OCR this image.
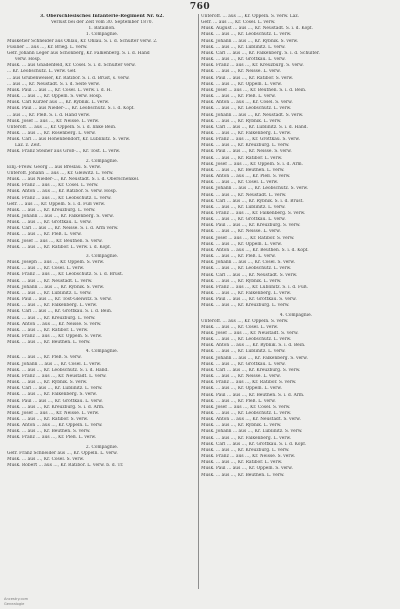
760
3. Oberschlesisches Infanterie-Regiment Nr. 62.
Verlust bei der Zeit vom 30. September 1870.
1. Bataillon.
1. Compagnie.
Musketier Schneider aus Ohlau, Kr. Ohlau. S. i. d. Schulter verw. 2.
Füsilier ... aus ..., Kr. Brieg. L. verw.
Gefr. Johann Leger aus Schönberg, Kr. Falkenberg. S. i. d. Hand
verw. Hosp.
Musk. ... aus Gnadenfeld, Kr. Cosel. S. i. d. Schulter verw.
... Kr. Leobschütz. L. verw. Gef.
... aus Grubenweiser, Kr. Ratibor. S. i. d. Brust, s. verw.
... aus ..., Kr. Neustadt. S. i. d. Seite verw.
Musk. Paul ... aus ..., Kr. Cosel. L. verw. i. d. H.
Musk. ... aus ..., Kr. Oppeln. S. verw. Hosp.
Musk. Carl Kurzer aus ..., Kr. Rybnik. L. verw.
Musk. Paul ... aus Nieder-..., Kr. Leobschütz. S. i. d. Kopf.
... aus ..., Kr. Pleß. S. i. d. Hand verw.
Musk. Josef ... aus ..., Kr. Neisse. L. verw.
Unteroff. ... aus ..., Kr. Oppeln. S. i. d. linke Bein.
Musk. ... aus ..., Kr. Rosenberg. L. verw.
Musk. Carl ... aus Hohenbendorf, Kr. Lublinitz. S. verw.
Laz. z. Zeit.
Musk. Franz Steiner aus Groß-..., Kr. Tost. L. verw.
2. Compagnie.
Einj.-Freiw. Georg ... aus Breslau. S. verw.
Unteroff. Johann ... aus ..., Kr. Gleiwitz. L. verw.
Musk. ... aus Nieder-..., Kr. Neustadt. S. i. d. Oberschenkel.
Musk. Franz ... aus ..., Kr. Cosel. L. verw.
Musk. Anton ... aus ..., Kr. Ratibor. S. verw. Hosp.
Musk. Franz ... aus ..., Kr. Leobschütz. L. verw.
Gefr. ... aus ..., Kr. Oppeln. S. i. d. Fuß verw.
Musk. ... aus ..., Kr. Kreuzburg. L. verw.
Musk. Johann ... aus ..., Kr. Falkenberg. S. verw.
Musk. ... aus ..., Kr. Grottkau. L. verw.
Musk. Carl ... aus ..., Kr. Neisse. S. i. d. Arm verw.
Musk. ... aus ..., Kr. Pleß. L. verw.
Musk. Josef ... aus ..., Kr. Beuthen. S. verw.
Musk. ... aus ..., Kr. Ratibor. L. verw. i. d. Kopf.
3. Compagnie.
Musk. Joseph ... aus ..., Kr. Oppeln. S. verw.
Musk. ... aus ..., Kr. Cosel. L. verw.
Musk. Franz ... aus ..., Kr. Leobschütz. S. i. d. Brust.
Musk. ... aus ..., Kr. Neustadt. L. verw.
Musk. Johann ... aus ..., Kr. Rybnik. S. verw.
Musk. ... aus ..., Kr. Lublinitz. L. verw.
Musk. Paul ... aus ..., Kr. Tost-Gleiwitz. S. verw.
Musk. ... aus ..., Kr. Falkenberg. L. verw.
Musk. Carl ... aus ..., Kr. Grottkau. S. i. d. Bein.
Musk. ... aus ..., Kr. Kreuzburg. L. verw.
Musk. Anton ... aus ..., Kr. Neisse. S. verw.
Musk. ... aus ..., Kr. Ratibor. L. verw.
Musk. Franz ... aus ..., Kr. Oppeln. S. verw.
Musk. ... aus ..., Kr. Beuthen. L. verw.
4. Compagnie.
Musk. ... aus ..., Kr. Pleß. S. verw.
Musk. Johann ... aus ..., Kr. Cosel. L. verw.
Musk. ... aus ..., Kr. Leobschütz. S. i. d. Hand.
Musk. Franz ... aus ..., Kr. Neustadt. L. verw.
Musk. ... aus ..., Kr. Rybnik. S. verw.
Musk. Carl ... aus ..., Kr. Lublinitz. L. verw.
Musk. ... aus ..., Kr. Falkenberg. S. verw.
Musk. Paul ... aus ..., Kr. Grottkau. L. verw.
Musk. ... aus ..., Kr. Kreuzburg. S. i. d. Arm.
Musk. Josef ... aus ..., Kr. Neisse. L. verw.
Musk. ... aus ..., Kr. Ratibor. S. verw.
Musk. Anton ... aus ..., Kr. Oppeln. L. verw.
Musk. ... aus ..., Kr. Beuthen. S. verw.
Musk. Franz ... aus ..., Kr. Pleß. L. verw.
2. Compagnie.
Gefr. Franz Schneider aus ..., Kr. Oppeln. L. verw.
Musk. ... aus ..., Kr. Cosel. S. verw.
Musk. Robert ... aus ..., Kr. Ratibor. L. verw. b. d. Tr.
Unteroff. ... aus ..., Kr. Oppeln. S. verw. Laz.
Gefr. ... aus ..., Kr. Cosel. L. verw.
Musk. August ... aus ..., Kr. Neustadt. S. i. d. Kopf.
Musk. ... aus ..., Kr. Leobschütz. L. verw.
Musk. Johann ... aus ..., Kr. Rybnik. S. verw.
Musk. ... aus ..., Kr. Lublinitz. L. verw.
Musk. Carl ... aus ..., Kr. Falkenberg. S. i. d. Schulter.
Musk. ... aus ..., Kr. Grottkau. L. verw.
Musk. Franz ... aus ..., Kr. Kreuzburg. S. verw.
Musk. ... aus ..., Kr. Neisse. L. verw.
Musk. Paul ... aus ..., Kr. Ratibor. S. verw.
Musk. ... aus ..., Kr. Oppeln. L. verw.
Musk. Josef ... aus ..., Kr. Beuthen. S. i. d. Bein.
Musk. ... aus ..., Kr. Pleß. L. verw.
Musk. Anton ... aus ..., Kr. Cosel. S. verw.
Musk. ... aus ..., Kr. Leobschütz. L. verw.
Musk. Johann ... aus ..., Kr. Neustadt. S. verw.
Musk. ... aus ..., Kr. Rybnik. L. verw.
Musk. Carl ... aus ..., Kr. Lublinitz. S. i. d. Hand.
Musk. ... aus ..., Kr. Falkenberg. L. verw.
Musk. Franz ... aus ..., Kr. Grottkau. S. verw.
Musk. ... aus ..., Kr. Kreuzburg. L. verw.
Musk. Paul ... aus ..., Kr. Neisse. S. verw.
Musk. ... aus ..., Kr. Ratibor. L. verw.
Musk. Josef ... aus ..., Kr. Oppeln. S. i. d. Arm.
Musk. ... aus ..., Kr. Beuthen. L. verw.
Musk. Anton ... aus ..., Kr. Pleß. S. verw.
Musk. ... aus ..., Kr. Cosel. L. verw.
Musk. Johann ... aus ..., Kr. Leobschütz. S. verw.
Musk. ... aus ..., Kr. Neustadt. L. verw.
Musk. Carl ... aus ..., Kr. Rybnik. S. i. d. Brust.
Musk. ... aus ..., Kr. Lublinitz. L. verw.
Musk. Franz ... aus ..., Kr. Falkenberg. S. verw.
Musk. ... aus ..., Kr. Grottkau. L. verw.
Musk. Paul ... aus ..., Kr. Kreuzburg. S. verw.
Musk. ... aus ..., Kr. Neisse. L. verw.
Musk. Josef ... aus ..., Kr. Ratibor. S. verw.
Musk. ... aus ..., Kr. Oppeln. L. verw.
Musk. Anton ... aus ..., Kr. Beuthen. S. i. d. Kopf.
Musk. ... aus ..., Kr. Pleß. L. verw.
Musk. Johann ... aus ..., Kr. Cosel. S. verw.
Musk. ... aus ..., Kr. Leobschütz. L. verw.
Musk. Carl ... aus ..., Kr. Neustadt. S. verw.
Musk. ... aus ..., Kr. Rybnik. L. verw.
Musk. Franz ... aus ..., Kr. Lublinitz. S. i. d. Fuß.
Musk. ... aus ..., Kr. Falkenberg. L. verw.
Musk. Paul ... aus ..., Kr. Grottkau. S. verw.
Musk. ... aus ..., Kr. Kreuzburg. L. verw.
4. Compagnie.
Unteroff. ... aus ..., Kr. Oppeln. S. verw.
Musk. ... aus ..., Kr. Cosel. L. verw.
Musk. Josef ... aus ..., Kr. Neustadt. S. verw.
Musk. ... aus ..., Kr. Leobschütz. L. verw.
Musk. Anton ... aus ..., Kr. Rybnik. S. i. d. Bein.
Musk. ... aus ..., Kr. Lublinitz. L. verw.
Musk. Johann ... aus ..., Kr. Falkenberg. S. verw.
Musk. ... aus ..., Kr. Grottkau. L. verw.
Musk. Carl ... aus ..., Kr. Kreuzburg. S. verw.
Musk. ... aus ..., Kr. Neisse. L. verw.
Musk. Franz ... aus ..., Kr. Ratibor. S. verw.
Musk. ... aus ..., Kr. Oppeln. L. verw.
Musk. Paul ... aus ..., Kr. Beuthen. S. i. d. Arm.
Musk. ... aus ..., Kr. Pleß. L. verw.
Musk. Josef ... aus ..., Kr. Cosel. S. verw.
Musk. ... aus ..., Kr. Leobschütz. L. verw.
Musk. Anton ... aus ..., Kr. Neustadt. S. verw.
Musk. ... aus ..., Kr. Rybnik. L. verw.
Musk. Johann ... aus ..., Kr. Lublinitz. S. verw.
Musk. ... aus ..., Kr. Falkenberg. L. verw.
Musk. Carl ... aus ..., Kr. Grottkau. S. i. d. Kopf.
Musk. ... aus ..., Kr. Kreuzburg. L. verw.
Musk. Franz ... aus ..., Kr. Neisse. S. verw.
Musk. ... aus ..., Kr. Ratibor. L. verw.
Musk. Paul ... aus ..., Kr. Oppeln. S. verw.
Musk. ... aus ..., Kr. Beuthen. L. verw.
Ancestry.com
Genealogie
